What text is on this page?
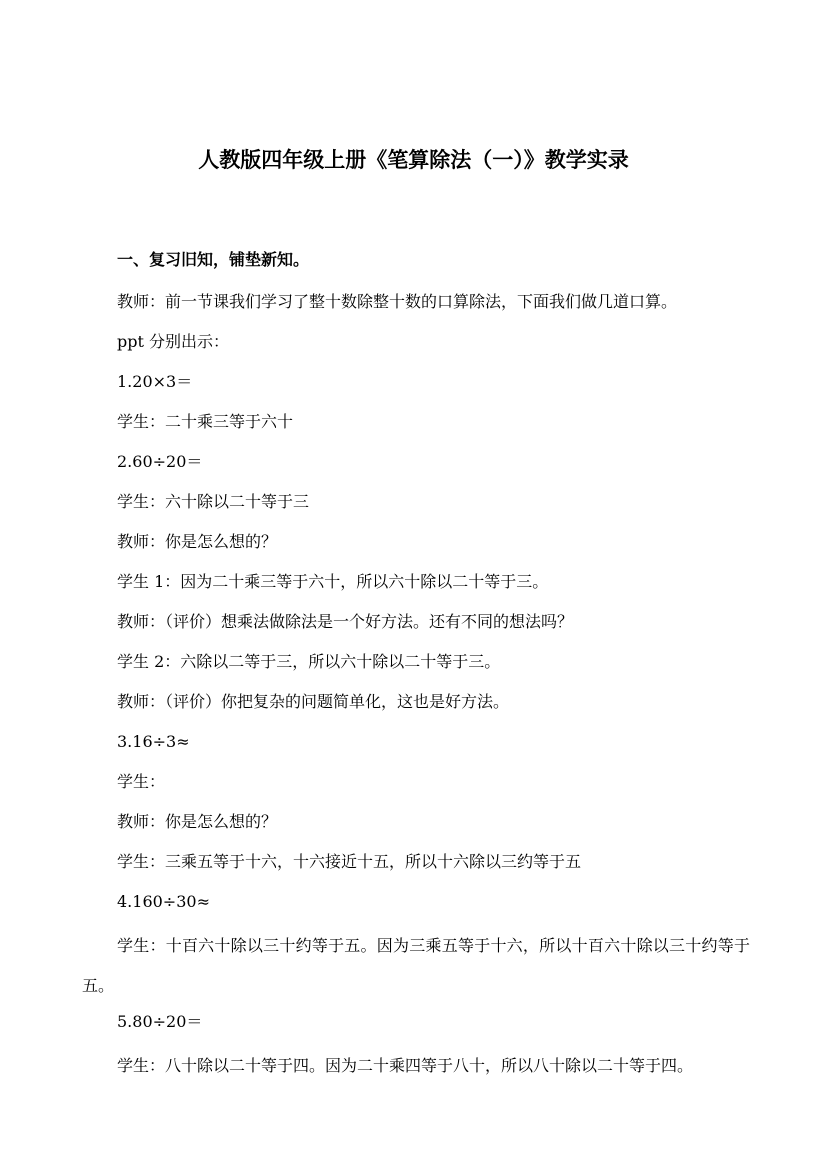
人教版四年级上册《笔算除法（一）》教学实录
一、复习旧知，铺垫新知。
教师：前一节课我们学习了整十数除整十数的口算除法，下面我们做几道口算。
ppt 分别出示：
1.20×3＝
学生：二十乘三等于六十
2.60÷20＝
学生：六十除以二十等于三
教师：你是怎么想的？
学生 1：因为二十乘三等于六十，所以六十除以二十等于三。
教师：（评价）想乘法做除法是一个好方法。还有不同的想法吗？
学生 2：六除以二等于三，所以六十除以二十等于三。
教师：（评价）你把复杂的问题简单化，这也是好方法。
3.16÷3≈
学生：
教师：你是怎么想的？
学生：三乘五等于十六，十六接近十五，所以十六除以三约等于五
4.160÷30≈
学生：十百六十除以三十约等于五。因为三乘五等于十六，所以十百六十除以三十约等于五。
5.80÷20＝
学生：八十除以二十等于四。因为二十乘四等于八十，所以八十除以二十等于四。
